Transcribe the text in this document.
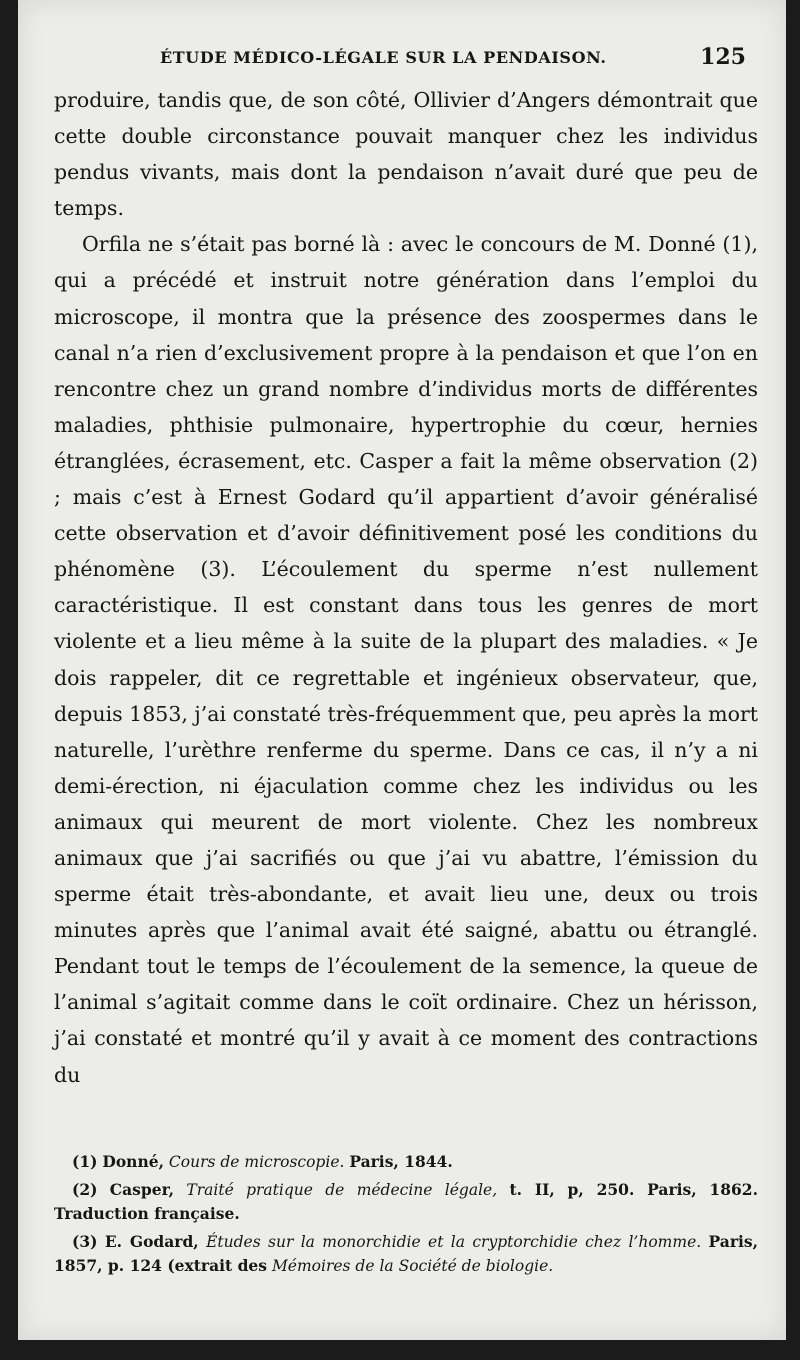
ÉTUDE MÉDICO-LÉGALE SUR LA PENDAISON.	125

produire, tandis que, de son côté, Ollivier d’Angers démontrait que cette double circonstance pouvait manquer chez les individus pendus vivants, mais dont la pendaison n’avait duré que peu de temps.

Orfila ne s’était pas borné là : avec le concours de M. Donné (1), qui a précédé et instruit notre génération dans l’emploi du microscope, il montra que la présence des zoospermes dans le canal n’a rien d’exclusivement propre à la pendaison et que l’on en rencontre chez un grand nombre d’individus morts de différentes maladies, phthisie pulmonaire, hypertrophie du cœur, hernies étranglées, écrasement, etc. Casper a fait la même observation (2) ; mais c’est à Ernest Godard qu’il appartient d’avoir généralisé cette observation et d’avoir définitivement posé les conditions du phénomène (3). L’écoulement du sperme n’est nullement caractéristique. Il est constant dans tous les genres de mort violente et a lieu même à la suite de la plupart des maladies. « Je dois rappeler, dit ce regrettable et ingénieux observateur, que, depuis 1853, j’ai constaté très-fréquemment que, peu après la mort naturelle, l’urèthre renferme du sperme. Dans ce cas, il n’y a ni demi-érection, ni éjaculation comme chez les individus ou les animaux qui meurent de mort violente. Chez les nombreux animaux que j’ai sacrifiés ou que j’ai vu abattre, l’émission du sperme était très-abondante, et avait lieu une, deux ou trois minutes après que l’animal avait été saigné, abattu ou étranglé. Pendant tout le temps de l’écoulement de la semence, la queue de l’animal s’agitait comme dans le coït ordinaire. Chez un hérisson, j’ai constaté et montré qu’il y avait à ce moment des contractions du

(1) Donné, Cours de microscopie. Paris, 1844.

(2) Casper, Traité pratique de médecine légale, t. II, p, 250. Paris, 1862. Traduction française.

(3) E. Godard, Études sur la monorchidie et la cryptorchidie chez l’homme. Paris, 1857, p. 124 (extrait des Mémoires de la Société de biologie.
